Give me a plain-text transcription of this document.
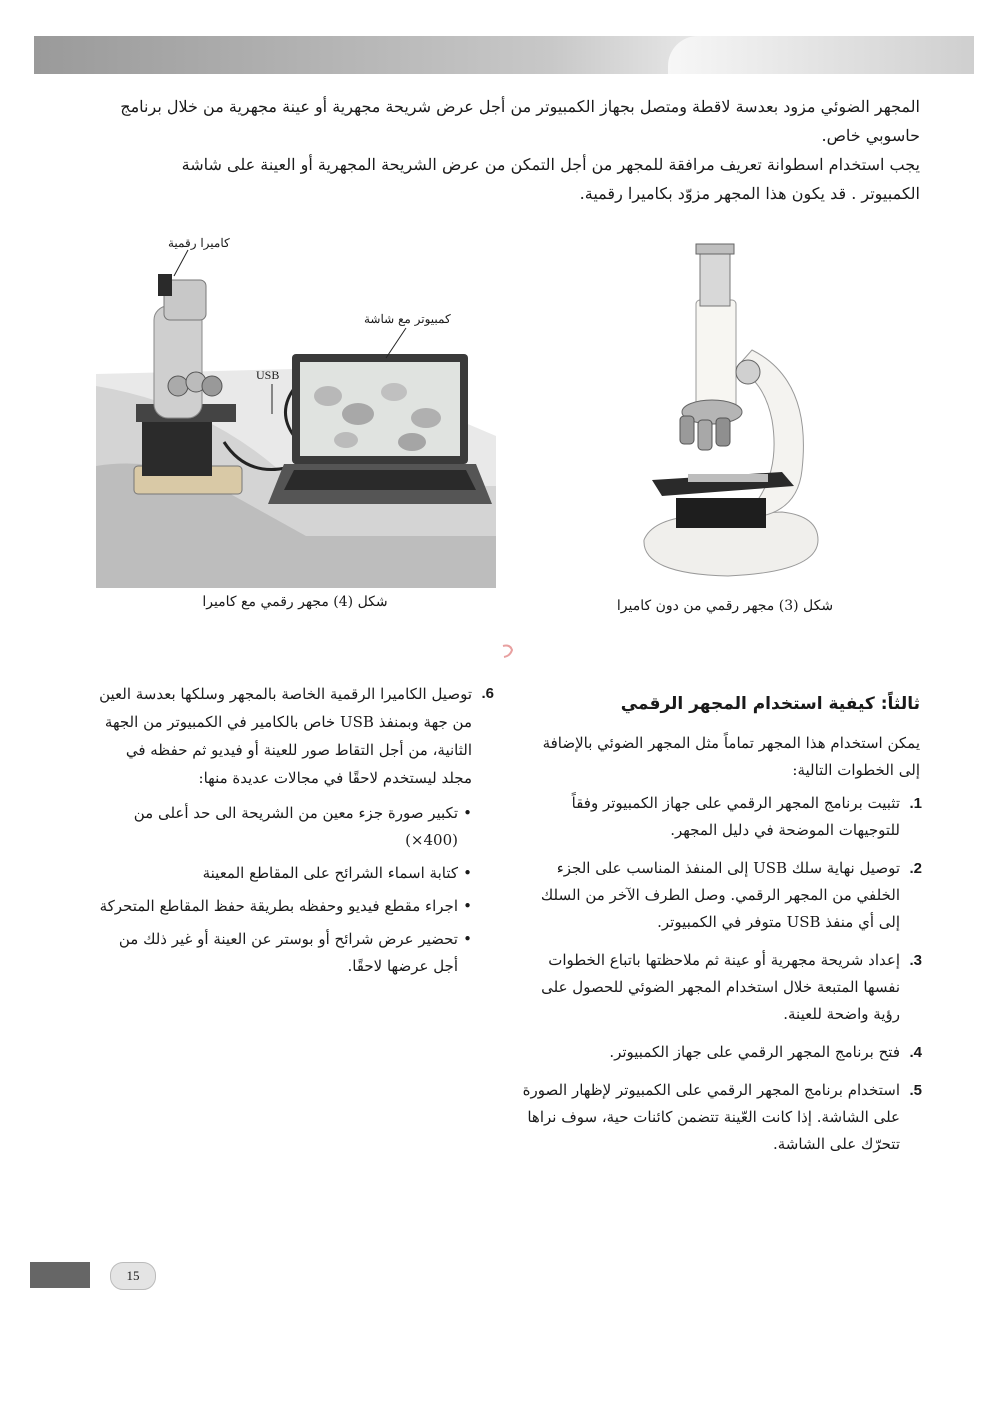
المجهر الضوئي مزود بعدسة لاقطة ومتصل بجهاز الكمبيوتر من أجل عرض شريحة مجهرية أو عينة مجهرية من خلال برنامج حاسوبي خاص.

يجب استخدام اسطوانة تعريف مرافقة للمجهر من أجل التمكن من عرض الشريحة المجهرية أو العينة على شاشة الكمبيوتر . قد يكون هذا المجهر مزوّد بكاميرا رقمية.

كاميرا رقمية
كمبيوتر مع شاشة
USB
شكل (4) مجهر رقمي مع كاميرا	شكل (3) مجهر رقمي من دون كاميرا
ثالثاً: كيفية استخدام المجهر الرقمي

يمكن استخدام هذا المجهر تماماً مثل المجهر الضوئي بالإضافة إلى الخطوات التالية:

1.
تثبيت برنامج المجهر الرقمي على جهاز الكمبيوتر وفقاً للتوجيهات الموضحة في دليل المجهر.
2.
توصيل نهاية سلك USB إلى المنفذ المناسب على الجزء الخلفي من المجهر الرقمي. وصل الطرف الآخر من السلك إلى أي منفذ USB متوفر في الكمبيوتر.
3.
إعداد شريحة مجهرية أو عينة ثم ملاحظتها باتباع الخطوات نفسها المتبعة خلال استخدام المجهر الضوئي للحصول على رؤية واضحة للعينة.
4.
فتح برنامج المجهر الرقمي على جهاز الكمبيوتر.
5.
استخدام برنامج المجهر الرقمي على الكمبيوتر لإظهار الصورة على الشاشة. إذا كانت العّينة تتضمن كائنات حية، سوف نراها تتحرّك على الشاشة.

6.
توصيل الكاميرا الرقمية الخاصة بالمجهر وسلكها بعدسة العين من جهة وبمنفذ USB خاص بالكامير في الكمبيوتر من الجهة الثانية، من أجل التقاط صور للعينة أو فيديو ثم حفظه في مجلد ليستخدم لاحقًا في مجالات عديدة منها:

•
تكبير صورة جزء معين من الشريحة الى حد أعلى من (400×)
•
كتابة اسماء الشرائح على المقاطع المعينة
•
اجراء مقطع فيديو وحفظه بطريقة حفظ المقاطع المتحركة
•
تحضير عرض شرائح أو بوستر عن العينة أو غير ذلك من أجل عرضها لاحقًا.
15
